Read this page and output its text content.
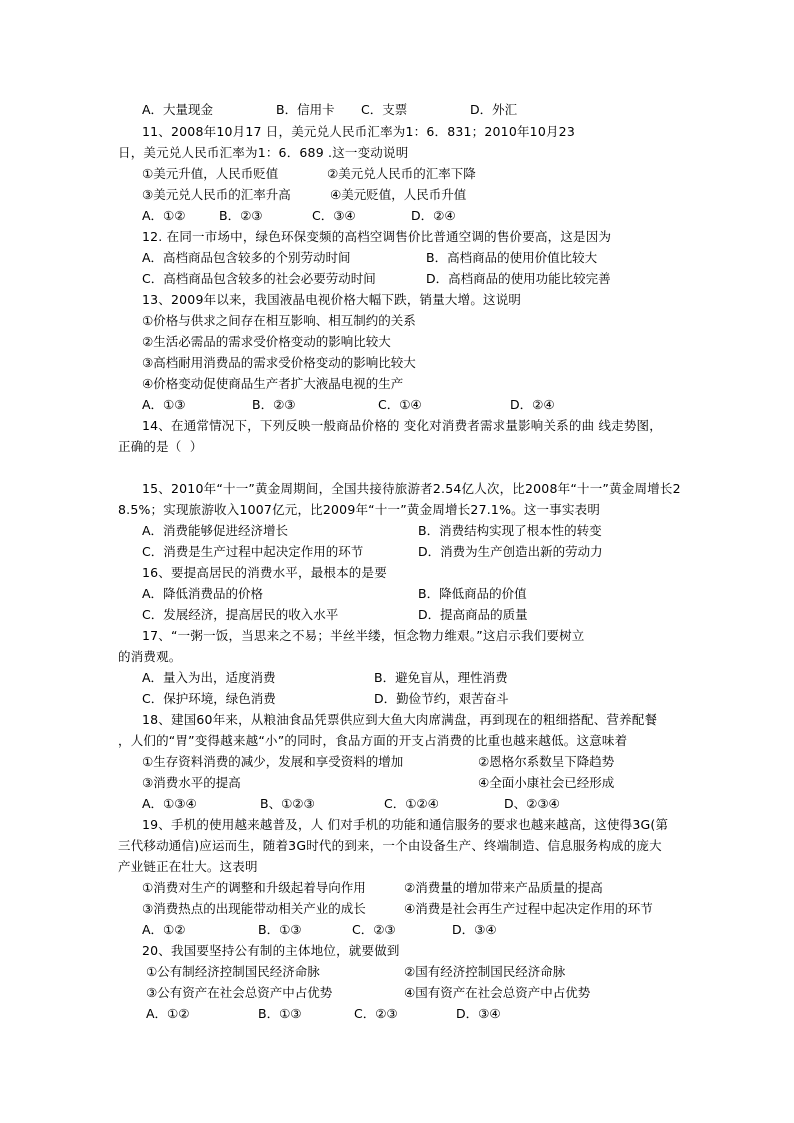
A．大量现金	B．信用卡 C．支票	D．外汇
11、2008年10月17 日，美元兑人民币汇率为1：6．831；2010年10月23
日，美元兑人民币汇率为1：6．689 .这一变动说明
①美元升值，人民币贬值	②美元兑人民币的汇率下降
③美元兑人民币的汇率升高	④美元贬值，人民币升值
A．①②	B．②③	C．③④	D．②④
12. 在同一市场中，绿色环保变频的高档空调售价比普通空调的售价要高，这是因为
A．高档商品包含较多的个别劳动时间	B．高档商品的使用价值比较大
C．高档商品包含较多的社会必要劳动时间	D．高档商品的使用功能比较完善
13、2009年以来，我国液晶电视价格大幅下跌，销量大增。这说明
①价格与供求之间存在相互影响、相互制约的关系
②生活必需品的需求受价格变动的影响比较大
③高档耐用消费品的需求受价格变动的影响比较大
④价格变动促使商品生产者扩大液晶电视的生产
A．①③	B．②③	C．①④	D．②④
14、在通常情况下，下列反映一般商品价格的 变化对消费者需求量影响关系的曲 线走势图，
正确的是（  ）
15、2010年“十一”黄金周期间，全国共接待旅游者2.54亿人次，比2008年“十一”黄金周增长2
8.5%；实现旅游收入1007亿元，比2009年“十一”黄金周增长27.1%。这一事实表明
A．消费能够促进经济增长	B．消费结构实现了根本性的转变
C．消费是生产过程中起决定作用的环节	D．消费为生产创造出新的劳动力
16、要提高居民的消费水平，最根本的是要
A．降低消费品的价格	B．降低商品的价值
C．发展经济，提高居民的收入水平	D．提高商品的质量
17、“一粥一饭，当思来之不易；半丝半缕，恒念物力维艰。”这启示我们要树立
的消费观。
A．量入为出，适度消费	B．避免盲从，理性消费
C．保护环境，绿色消费	D．勤俭节约，艰苦奋斗
18、建国60年来，从粮油食品凭票供应到大鱼大肉席满盘，再到现在的粗细搭配、营养配餐
，人们的“胃”变得越来越“小”的同时，食品方面的开支占消费的比重也越来越低。这意味着
①生存资料消费的减少，发展和享受资料的增加	②恩格尔系数呈下降趋势
③消费水平的提高	④全面小康社会已经形成
A．①③④	B、①②③	C．①②④	D、②③④
19、手机的使用越来越普及，人 们对手机的功能和通信服务的要求也越来越高，这使得3G(第
三代移动通信)应运而生，随着3G时代的到来，一个由设备生产、终端制造、信息服务构成的庞大
产业链正在壮大。这表明
①消费对生产的调整和升级起着导向作用	②消费量的增加带来产品质量的提高
③消费热点的出现能带动相关产业的成长	④消费是社会再生产过程中起决定作用的环节
A．①②	B．①③	C．②③	D．③④
20、我国要坚持公有制的主体地位，就要做到
①公有制经济控制国民经济命脉	②国有经济控制国民经济命脉
③公有资产在社会总资产中占优势	④国有资产在社会总资产中占优势
A．①②	B．①③	C．②③	D．③④
